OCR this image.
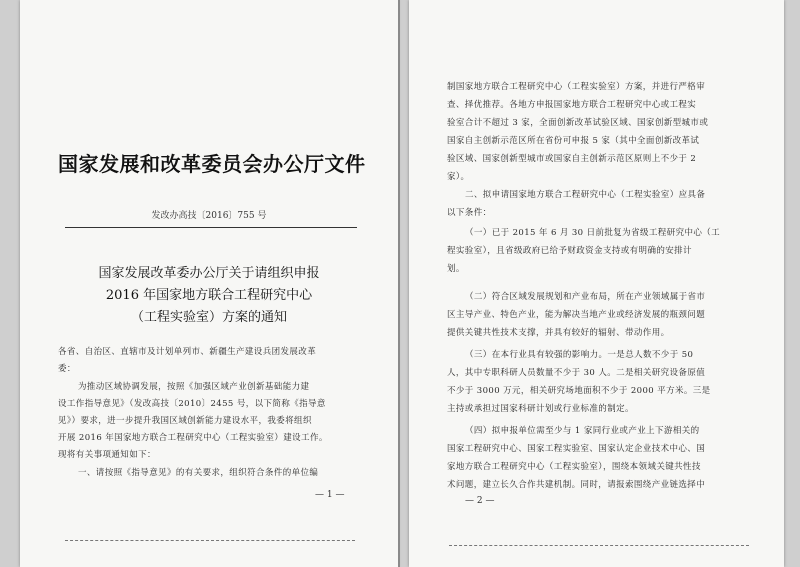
国家发展和改革委员会办公厅文件
发改办高技〔2016〕755 号
国家发展改革委办公厅关于请组织申报
2016 年国家地方联合工程研究中心
（工程实验室）方案的通知
各省、自治区、直辖市及计划单列市、新疆生产建设兵团发展改革
委：
为推动区域协调发展，按照《加强区域产业创新基础能力建
设工作指导意见》（发改高技〔2010〕2455 号，以下简称《指导意
见》）要求，进一步提升我国区域创新能力建设水平，我委将组织
开展 2016 年国家地方联合工程研究中心（工程实验室）建设工作。
现将有关事项通知如下：
一、请按照《指导意见》的有关要求，组织符合条件的单位编
— 1 —
制国家地方联合工程研究中心（工程实验室）方案，并进行严格审
查、择优推荐。各地方申报国家地方联合工程研究中心或工程实
验室合计不超过 3 家，全面创新改革试验区域、国家创新型城市或
国家自主创新示范区所在省份可申报 5 家（其中全面创新改革试
验区域、国家创新型城市或国家自主创新示范区原则上不少于 2
家）。
二、拟申请国家地方联合工程研究中心（工程实验室）应具备
以下条件：
（一）已于 2015 年 6 月 30 日前批复为省级工程研究中心（工
程实验室），且省级政府已给予财政资金支持或有明确的安排计
划。
（二）符合区域发展规划和产业布局，所在产业领域属于省市
区主导产业、特色产业，能为解决当地产业或经济发展的瓶颈问题
提供关键共性技术支撑，并具有较好的辐射、带动作用。
（三）在本行业具有较强的影响力。一是总人数不少于 50
人，其中专职科研人员数量不少于 30 人。二是相关研究设备原值
不少于 3000 万元，相关研究场地面积不少于 2000 平方米。三是
主持或承担过国家科研计划或行业标准的制定。
（四）拟申报单位需至少与 1 家同行业或产业上下游相关的
国家工程研究中心、国家工程实验室、国家认定企业技术中心、国
家地方联合工程研究中心（工程实验室），围绕本领域关键共性技
术问题，建立长久合作共建机制。同时，请报索围绕产业链选择中
— 2 —
